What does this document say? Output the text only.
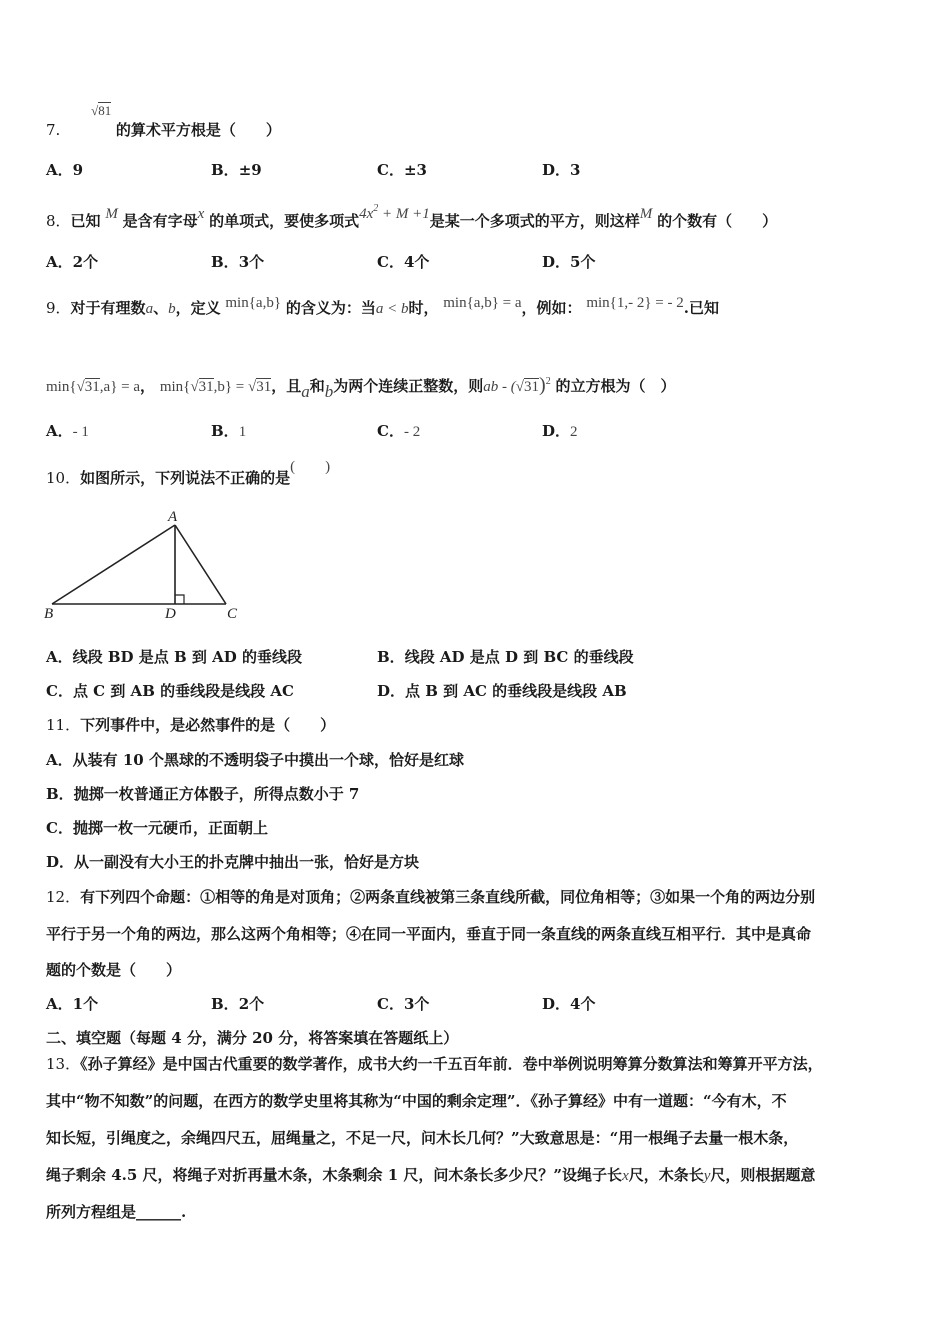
7.
√81
的算术平方根是（　　）
A．9	B．±9	C．±3	D．3
8．已知 M 是含有字母x 的单项式，要使多项式$4x^2 + M +1$是某一个多项式的平方，则这样M 的个数有（　　）
A．2个	B．3个	C．4个	D．5个
9．对于有理数a、b，定义 min{a,b} 的含义为：当a < b时， min{a,b} = a，例如： min{1,- 2} = - 2.已知
min{√31,a} = a， min{√31,b} = √31，且a和b为两个连续正整数，则ab - $(√31)^2$ 的立方根为（　）
A．- 1	B．1	C．- 2	D．2
10．如图所示，下列说法不正确的是(　　)
A
B	D	C
A．线段 BD 是点 B 到 AD 的垂线段	B．线段 AD 是点 D 到 BC 的垂线段
C．点 C 到 AB 的垂线段是线段 AC	D．点 B 到 AC 的垂线段是线段 AB
11．下列事件中，是必然事件的是（　　）
A．从装有 10 个黑球的不透明袋子中摸出一个球，恰好是红球
B．抛掷一枚普通正方体骰子，所得点数小于 7
C．抛掷一枚一元硬币，正面朝上
D．从一副没有大小王的扑克牌中抽出一张，恰好是方块
12．有下列四个命题：①相等的角是对顶角；②两条直线被第三条直线所截，同位角相等；③如果一个角的两边分别
平行于另一个角的两边，那么这两个角相等；④在同一平面内，垂直于同一条直线的两条直线互相平行．其中是真命
题的个数是（　　）
A．1个	B．2个	C．3个	D．4个
二、填空题（每题 4 分，满分 20 分，将答案填在答题纸上）
13．《孙子算经》是中国古代重要的数学著作，成书大约一千五百年前．卷中举例说明筹算分数算法和筹算开平方法，
其中“物不知数”的问题，在西方的数学史里将其称为“中国的剩余定理”．《孙子算经》中有一道题：“今有木，不
知长短，引绳度之，余绳四尺五，屈绳量之，不足一尺，问木长几何？”大致意思是：“用一根绳子去量一根木条，
绳子剩余 4.5 尺，将绳子对折再量木条，木条剩余 1 尺，问木条长多少尺？”设绳子长x尺，木条长y尺，则根据题意
所列方程组是______.
